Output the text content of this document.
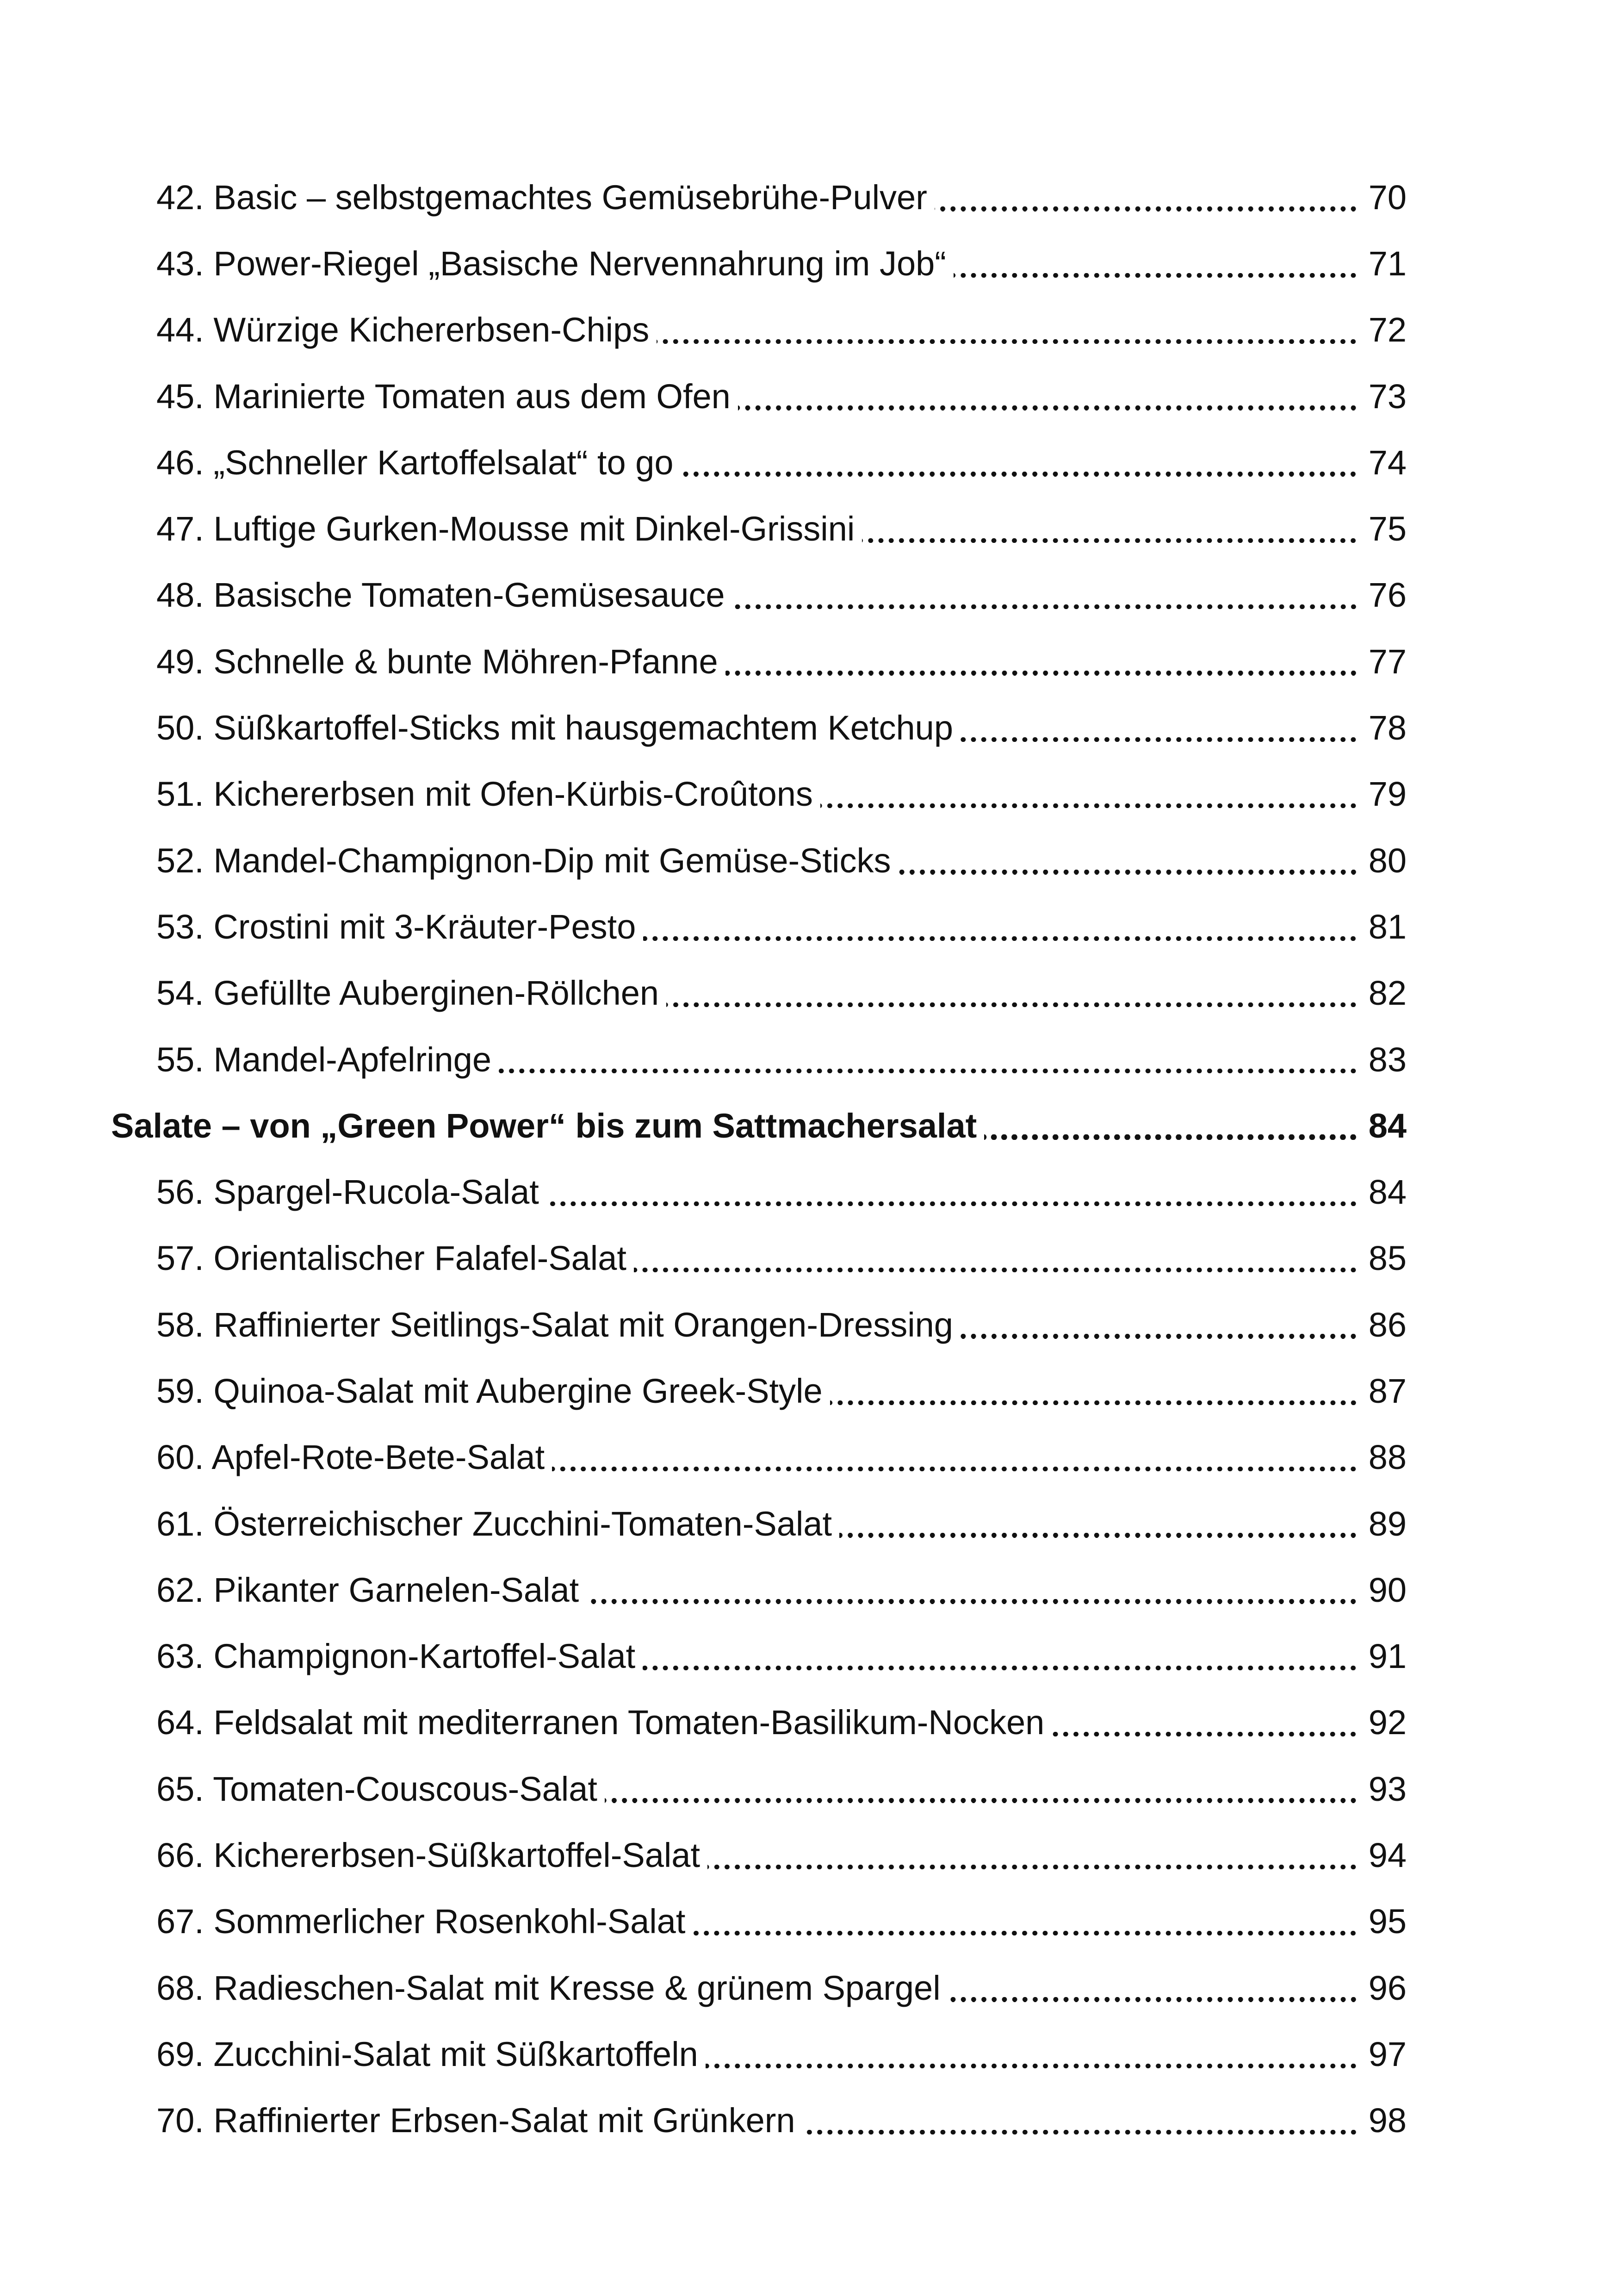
42. Basic – selbstgemachtes Gemüsebrühe-Pulver	70
43. Power-Riegel „Basische Nervennahrung im Job“	71
44. Würzige Kichererbsen-Chips	72
45. Marinierte Tomaten aus dem Ofen	73
46. „Schneller Kartoffelsalat“ to go	74
47. Luftige Gurken-Mousse mit Dinkel-Grissini	75
48. Basische Tomaten-Gemüsesauce	76
49. Schnelle & bunte Möhren-Pfanne	77
50. Süßkartoffel-Sticks mit hausgemachtem Ketchup	78
51. Kichererbsen mit Ofen-Kürbis-Croûtons	79
52. Mandel-Champignon-Dip mit Gemüse-Sticks	80
53. Crostini mit 3-Kräuter-Pesto	81
54. Gefüllte Auberginen-Röllchen	82
55. Mandel-Apfelringe	83
Salate – von „Green Power“ bis zum Sattmachersalat	84
56. Spargel-Rucola-Salat	84
57. Orientalischer Falafel-Salat	85
58. Raffinierter Seitlings-Salat mit Orangen-Dressing	86
59. Quinoa-Salat mit Aubergine Greek-Style	87
60. Apfel-Rote-Bete-Salat	88
61. Österreichischer Zucchini-Tomaten-Salat	89
62. Pikanter Garnelen-Salat	90
63. Champignon-Kartoffel-Salat	91
64. Feldsalat mit mediterranen Tomaten-Basilikum-Nocken	92
65. Tomaten-Couscous-Salat	93
66. Kichererbsen-Süßkartoffel-Salat	94
67. Sommerlicher Rosenkohl-Salat	95
68. Radieschen-Salat mit Kresse & grünem Spargel	96
69. Zucchini-Salat mit Süßkartoffeln	97
70. Raffinierter Erbsen-Salat mit Grünkern	98
